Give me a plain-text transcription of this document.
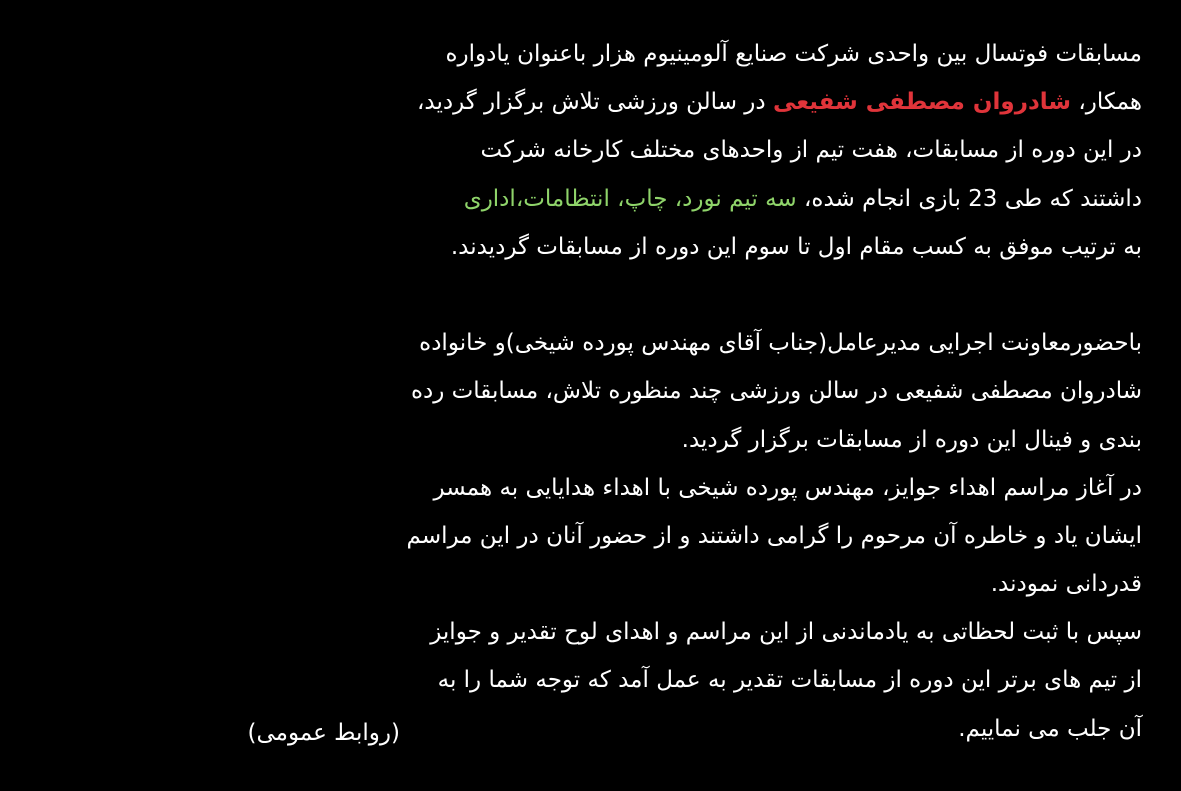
مسابقات فوتسال بین واحدی شرکت صنایع آلومینیوم هزار باعنوان یادواره
همکار، شادروان مصطفی شفیعی در سالن ورزشی تلاش برگزار گردید،
در این دوره از مسابقات، هفت تیم از واحدهای مختلف کارخانه شرکت
داشتند که طی 23 بازی انجام شده، سه تیم نورد، چاپ، انتظامات،اداری
به ترتیب موفق به کسب مقام اول تا سوم این دوره از مسابقات گردیدند.
باحضورمعاونت اجرایی مدیرعامل(جناب آقای مهندس پورده شیخی)و خانواده
شادروان مصطفی شفیعی در سالن ورزشی چند منظوره تلاش، مسابقات رده
بندی و فینال این دوره از مسابقات برگزار گردید.
در آغاز مراسم اهداء جوایز، مهندس پورده شیخی با اهداء هدایایی به همسر
ایشان یاد و خاطره آن مرحوم را گرامی داشتند و از حضور آنان در این مراسم
قدردانی نمودند.
سپس با ثبت لحظاتی به یادماندنی از این مراسم و اهدای لوح تقدیر و جوایز
از تیم های برتر این دوره از مسابقات تقدیر به عمل آمد که توجه شما را به
آن جلب می نماییم.
(روابط عمومی)
